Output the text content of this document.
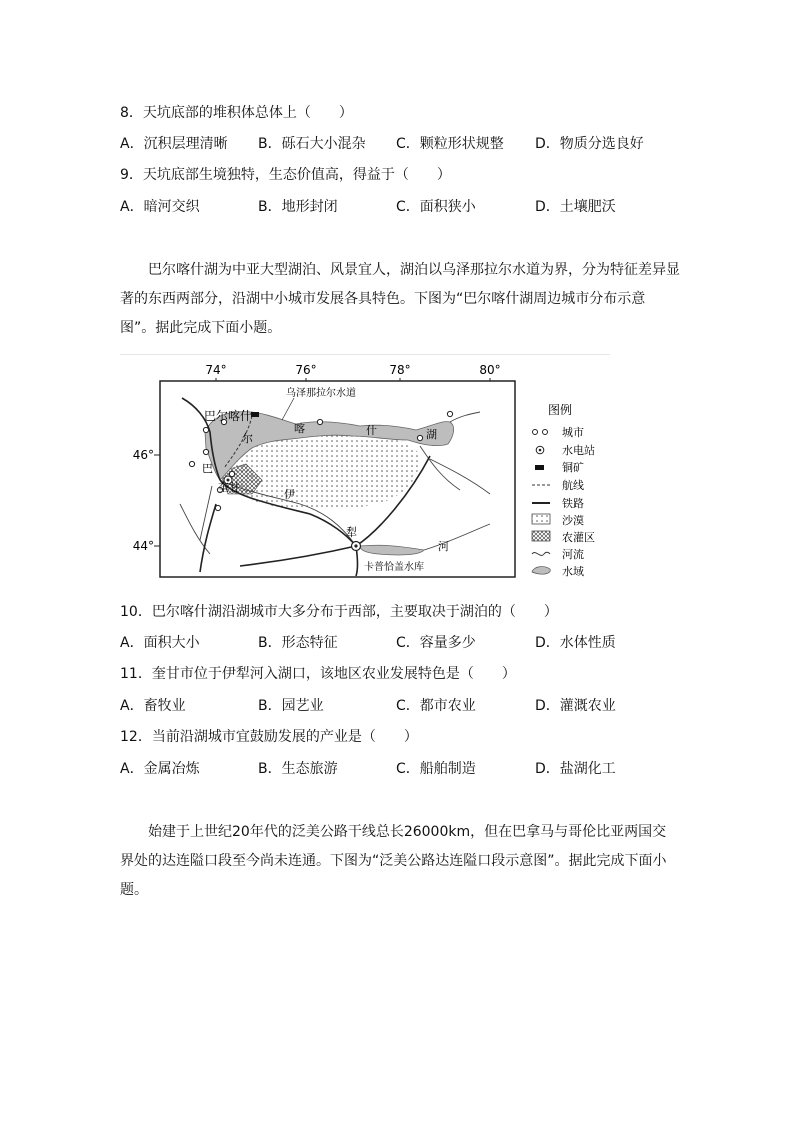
8．天坑底部的堆积体总体上（　　）
A．沉积层理清晰 B．砾石大小混杂 C．颗粒形状规整 D．物质分选良好
9．天坑底部生境独特，生态价值高，得益于（　　）
A．暗河交织	B．地形封闭	C．面积狭小	D．土壤肥沃
巴尔喀什湖为中亚大型湖泊、风景宜人，湖泊以乌泽那拉尔水道为界，分为特征差异显著的东西两部分，沿湖中小城市发展各具特色。下图为“巴尔喀什湖周边城市分布示意图”。据此完成下面小题。
74°	76°	78°	80°
46°
44°
乌泽那拉尔水道
巴尔喀什
奎甘
卡普恰盖水库
巴
尔
喀	什	湖
伊
犁
河
图例
城市
水电站
铜矿
航线
铁路
沙漠
农灌区
河流
水域
10．巴尔喀什湖沿湖城市大多分布于西部，主要取决于湖泊的（　　）
A．面积大小	B．形态特征	C．容量多少	D．水体性质
11．奎甘市位于伊犁河入湖口，该地区农业发展特色是（　　）
A．畜牧业	B．园艺业	C．都市农业	D．灌溉农业
12．当前沿湖城市宜鼓励发展的产业是（　　）
A．金属冶炼	B．生态旅游	C．船舶制造	D．盐湖化工
始建于上世纪20年代的泛美公路干线总长26000km，但在巴拿马与哥伦比亚两国交界处的达连隘口段至今尚未连通。下图为“泛美公路达连隘口段示意图”。据此完成下面小题。
